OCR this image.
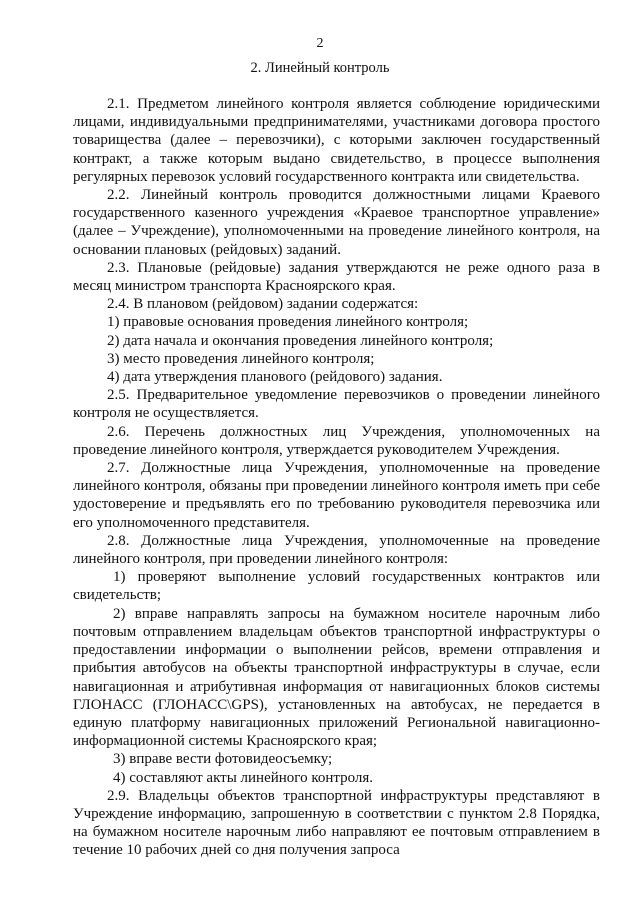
2
2. Линейный контроль

2.1. Предметом линейного контроля является соблюдение юридическими лицами, индивидуальными предпринимателями, участниками договора простого товарищества (далее – перевозчики), с которыми заключен государственный контракт, а также которым выдано свидетельство, в процессе выполнения регулярных перевозок условий государственного контракта или свидетельства.

2.2. Линейный контроль проводится должностными лицами Краевого государственного казенного учреждения «Краевое транспортное управление» (далее – Учреждение), уполномоченными на проведение линейного контроля, на основании плановых (рейдовых) заданий.

2.3. Плановые (рейдовые) задания утверждаются не реже одного раза в месяц министром транспорта Красноярского края.

2.4. В плановом (рейдовом) задании содержатся:

1) правовые основания проведения линейного контроля;

2) дата начала и окончания проведения линейного контроля;

3) место проведения линейного контроля;

4) дата утверждения планового (рейдового) задания.

2.5. Предварительное уведомление перевозчиков о проведении линейного контроля не осуществляется.

2.6. Перечень должностных лиц Учреждения, уполномоченных на проведение линейного контроля, утверждается руководителем Учреждения.

2.7. Должностные лица Учреждения, уполномоченные на проведение линейного контроля, обязаны при проведении линейного контроля иметь при себе удостоверение и предъявлять его по требованию руководителя перевозчика или его уполномоченного представителя.

2.8. Должностные лица Учреждения, уполномоченные на проведение линейного контроля, при проведении линейного контроля:

1) проверяют выполнение условий государственных контрактов или свидетельств;

2) вправе направлять запросы на бумажном носителе нарочным либо почтовым отправлением владельцам объектов транспортной инфраструктуры о предоставлении информации о выполнении рейсов, времени отправления и прибытия автобусов на объекты транспортной инфраструктуры в случае, если навигационная и атрибутивная информация от навигационных блоков системы ГЛОНАСС (ГЛОНАСС\GPS), установленных на автобусах, не передается в единую платформу навигационных приложений Региональной навигационно-информационной системы Красноярского края;

3) вправе вести фотовидеосъемку;

4) составляют акты линейного контроля.

2.9. Владельцы объектов транспортной инфраструктуры представляют в Учреждение информацию, запрошенную в соответствии с пунктом 2.8 Порядка, на бумажном носителе нарочным либо направляют ее почтовым отправлением в течение 10 рабочих дней со дня получения запроса
